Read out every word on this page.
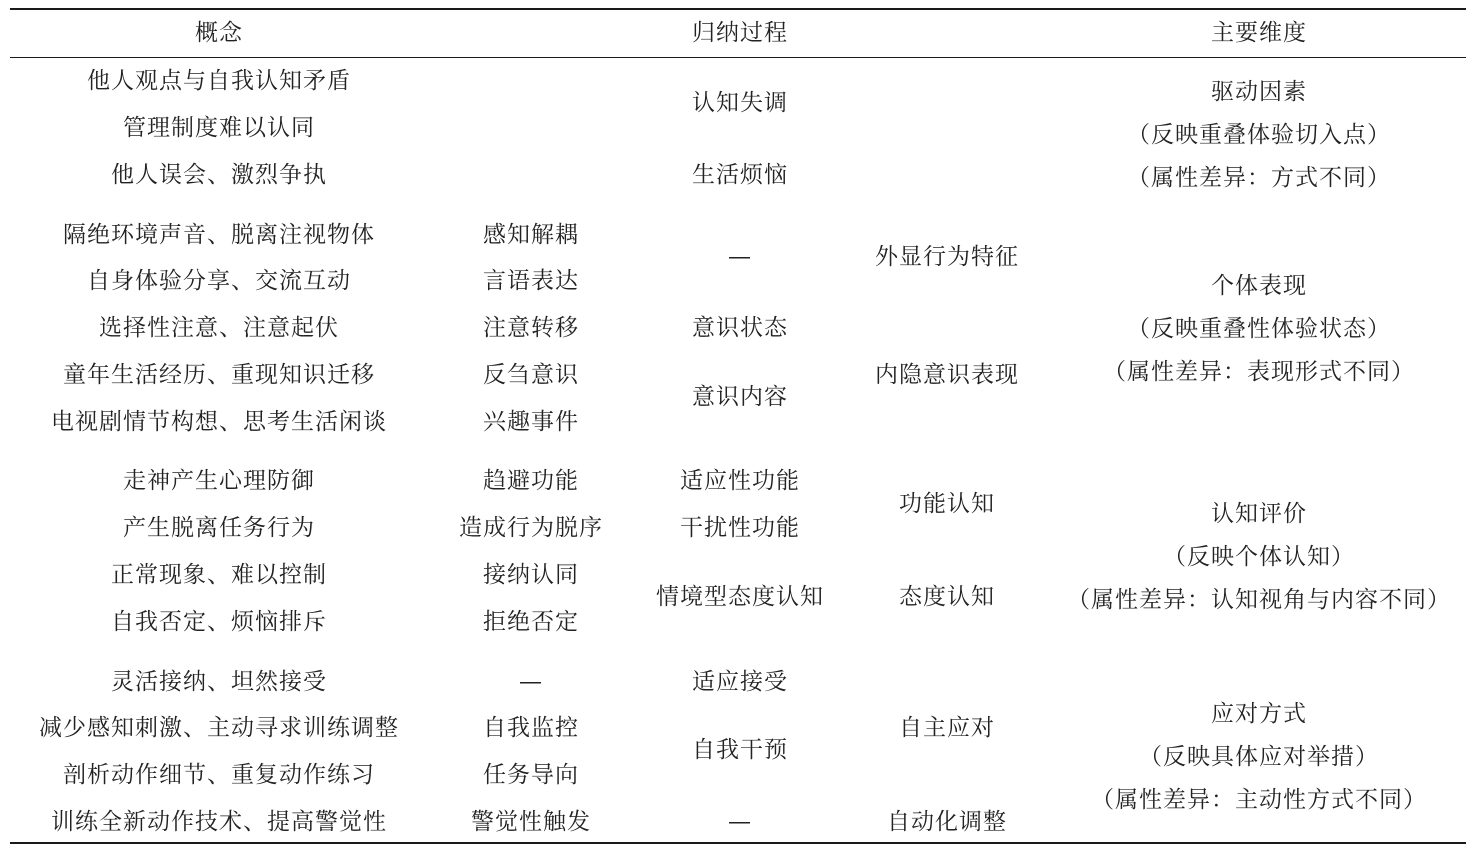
概念	归纳过程	主要维度
他人观点与自我认知矛盾
管理制度难以认同
他人误会、激烈争执
认知失调
生活烦恼
驱动因素
（反映重叠体验切入点）
（属性差异：方式不同）
隔绝环境声音、脱离注视物体
自身体验分享、交流互动
选择性注意、注意起伏
童年生活经历、重现知识迁移
电视剧情节构想、思考生活闲谈
感知解耦
言语表达
注意转移
反刍意识
兴趣事件
—
意识状态
意识内容
外显行为特征
内隐意识表现
个体表现
（反映重叠性体验状态）
（属性差异：表现形式不同）
走神产生心理防御
产生脱离任务行为
正常现象、难以控制
自我否定、烦恼排斥
趋避功能
造成行为脱序
接纳认同
拒绝否定
适应性功能
干扰性功能
情境型态度认知
功能认知
态度认知
认知评价
（反映个体认知）
（属性差异：认知视角与内容不同）
灵活接纳、坦然接受
减少感知刺激、主动寻求训练调整
剖析动作细节、重复动作练习
训练全新动作技术、提高警觉性
—
自我监控
任务导向
警觉性触发
适应接受
自我干预
—
自主应对
自动化调整
应对方式
（反映具体应对举措）
（属性差异：主动性方式不同）
